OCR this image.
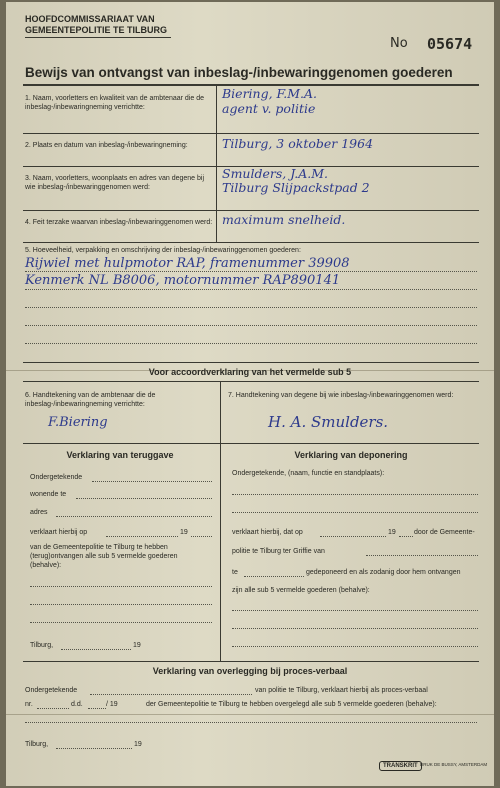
HOOFDCOMMISSARIAAT VAN
GEMEENTEPOLITIE TE TILBURG
No 05674
Bewijs van ontvangst van inbeslag-/inbewaringgenomen goederen
1. Naam, voorletters en kwaliteit van de ambtenaar die de inbeslag-/inbewaringneming verrichtte:
Biering, F.M.A.
agent v. politie
2. Plaats en datum van inbeslag-/inbewaringneming:	Tilburg, 3 oktober 1964
3. Naam, voorletters, woonplaats en adres van degene bij wie inbeslag-/inbewaringgenomen werd:
Smulders, J.A.M.
Tilburg Slijpackstpad 2
4. Feit terzake waarvan inbeslag-/inbewaringgenomen werd: maximum snelheid.
5. Hoeveelheid, verpakking en omschrijving der inbeslag-/inbewaringgenomen goederen:
Rijwiel met hulpmotor RAP, framenummer 39908
Kenmerk NL B8006, motornummer RAP890141
Voor accoordverklaring van het vermelde sub 5
6. Handtekening van de ambtenaar die de inbeslag-/inbewaringneming verrichtte:
7. Handtekening van degene bij wie inbeslag-/inbewaringgenomen werd:
F.Biering	H. A. Smulders.
Verklaring van teruggave
Ondergetekende
wonende te
adres
verklaart hierbij op	19
van de Gemeentepolitie te Tilburg te hebben
(terug)ontvangen alle sub 5 vermelde goederen
(behalve):
Tilburg,	19
Verklaring van deponering
Ondergetekende, (naam, functie en standplaats):
verklaart hierbij, dat op	19	door de Gemeente-
politie te Tilburg ter Griffie van
te	gedeponeerd en als zodanig door hem ontvangen
zijn alle sub 5 vermelde goederen (behalve):
Verklaring van overlegging bij proces-verbaal
Ondergetekende	van politie te Tilburg, verklaart hierbij als proces-verbaal
nr.	d.d.	/ 19	der Gemeentepolitie te Tilburg te hebben overgelegd alle sub 5 vermelde goederen (behalve):
Tilburg,	19
TRANSKRIT DRUK DE BUSSY, AMSTERDAM
